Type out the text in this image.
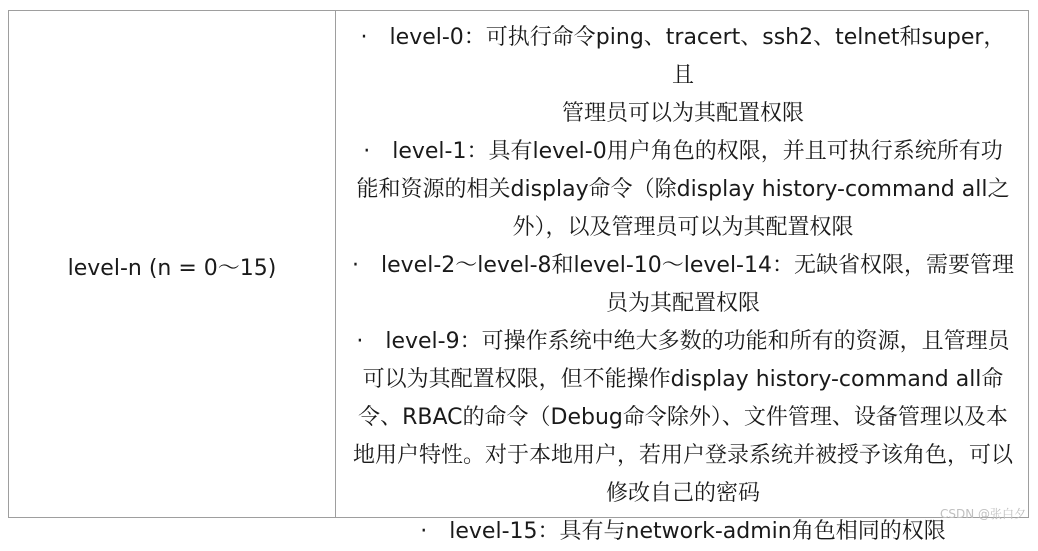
level-n (n = 0～15)
· level-0：可执行命令ping、tracert、ssh2、telnet和super，且
管理员可以为其配置权限
· level-1：具有level-0用户角色的权限，并且可执行系统所有功
能和资源的相关display命令（除display history-command all之
外），以及管理员可以为其配置权限
· level-2～level-8和level-10～level-14：无缺省权限，需要管理
员为其配置权限
· level-9：可操作系统中绝大多数的功能和所有的资源，且管理员
可以为其配置权限，但不能操作display history-command all命
令、RBAC的命令（Debug命令除外）、文件管理、设备管理以及本
地用户特性。对于本地用户，若用户登录系统并被授予该角色，可以
修改自己的密码
· level-15：具有与network-admin角色相同的权限
CSDN @张白夕
